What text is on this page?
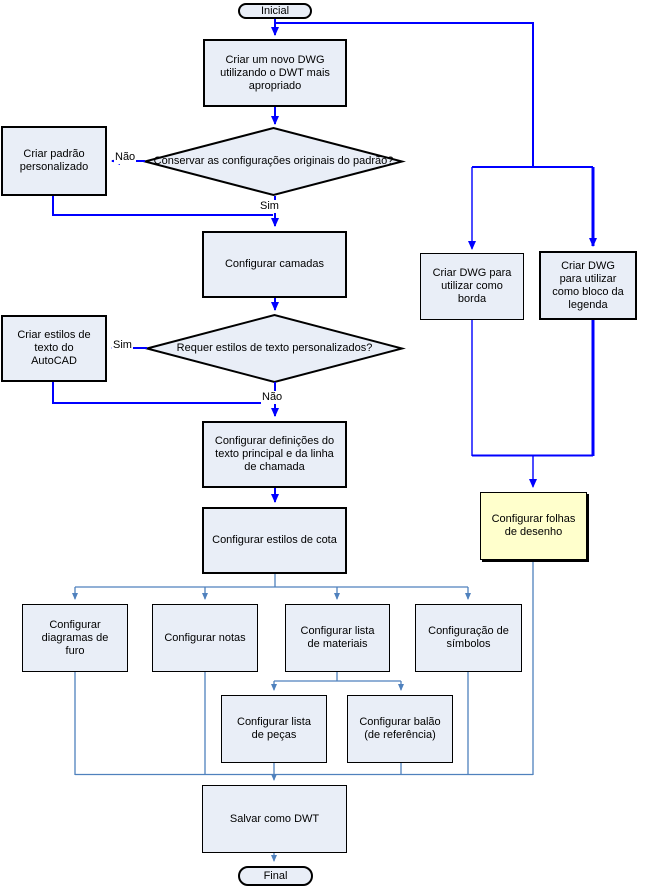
Inicial
Final
Criar um novo DWG utilizando o DWT mais apropriado
Criar padrão personalizado
Configurar camadas
Criar estilos de texto do AutoCAD
Configurar definições do texto principal e da linha de chamada
Configurar estilos de cota
Criar DWG para utilizar como borda
Criar DWG para utilizar como bloco da legenda
Configurar folhas de desenho
Configurar diagramas de furo
Configurar notas
Configurar lista de materiais
Configuração de símbolos
Configurar lista de peças
Configurar balão (de referência)
Salvar como DWT
Conservar as configurações originais do padrão?
Requer estilos de texto personalizados?
Não
Sim
Sim
Não
